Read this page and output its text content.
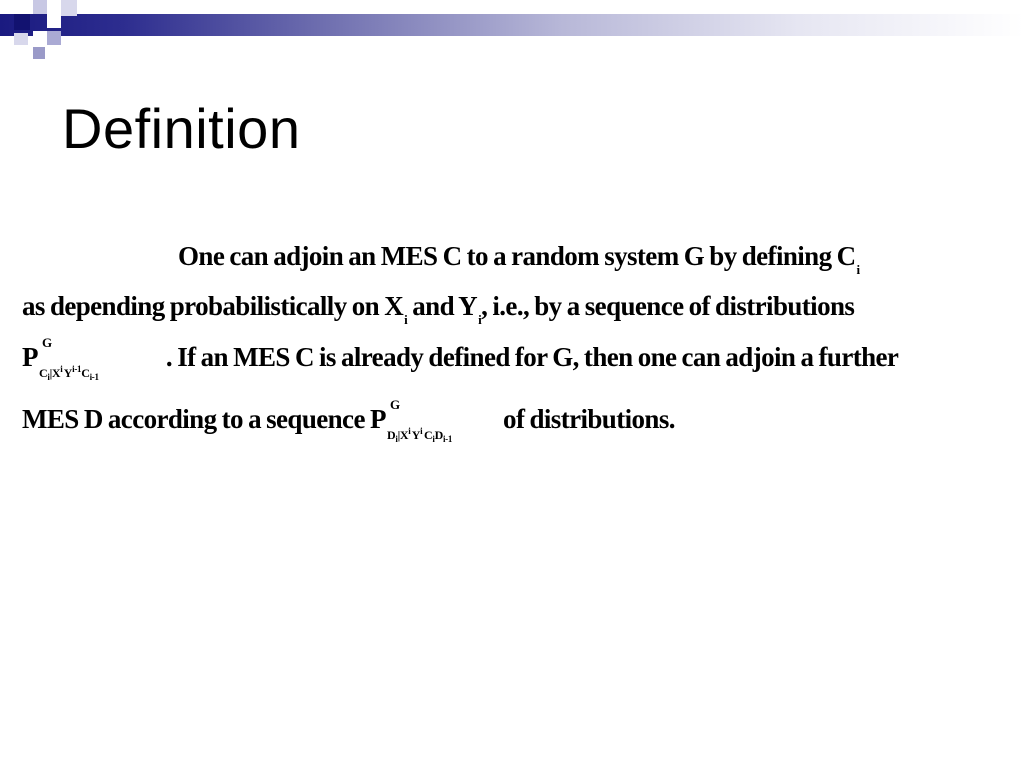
Definition
One can adjoin an MES C to a random system G by defining Ci
as depending probabilistically on Xi and Yi, i.e., by a sequence of distributions
P G
$C_i|X^i$ $Y^{i-1}C_{i-1}$
. If an MES C is already defined for G, then one can adjoin a further
MES D according to a sequence P G
$D_i|X^i$ $Y^i$ $C_iD_{i-1}$
of distributions.
